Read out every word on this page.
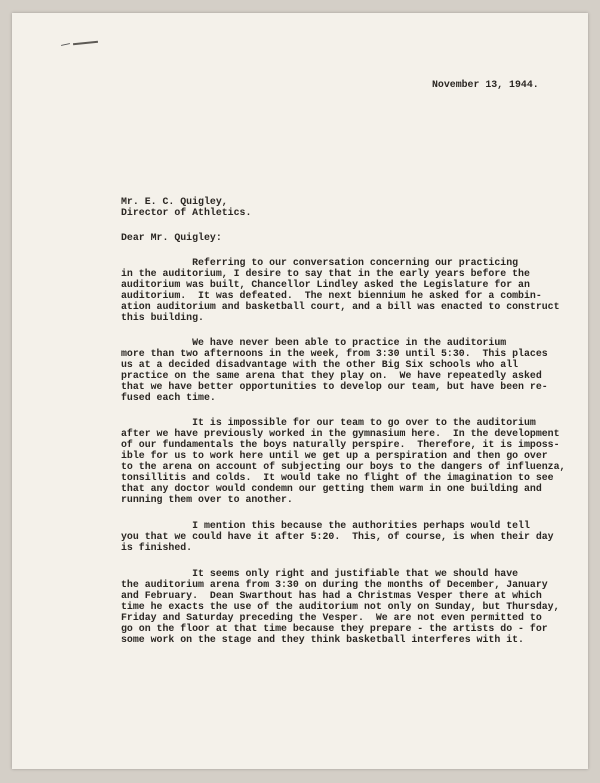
November 13, 1944.

Mr. E. C. Quigley,

Director of Athletics.

Dear Mr. Quigley:

Referring to our conversation concerning our practicing

in the auditorium, I desire to say that in the early years before the

auditorium was built, Chancellor Lindley asked the Legislature for an

auditorium.  It was defeated.  The next biennium he asked for a combin-

ation auditorium and basketball court, and a bill was enacted to construct

this building.

We have never been able to practice in the auditorium

more than two afternoons in the week, from 3:30 until 5:30.  This places

us at a decided disadvantage with the other Big Six schools who all

practice on the same arena that they play on.  We have repeatedly asked

that we have better opportunities to develop our team, but have been re-

fused each time.

It is impossible for our team to go over to the auditorium

after we have previously worked in the gymnasium here.  In the development

of our fundamentals the boys naturally perspire.  Therefore, it is imposs-

ible for us to work here until we get up a perspiration and then go over

to the arena on account of subjecting our boys to the dangers of influenza,

tonsillitis and colds.  It would take no flight of the imagination to see

that any doctor would condemn our getting them warm in one building and

running them over to another.

I mention this because the authorities perhaps would tell

you that we could have it after 5:20.  This, of course, is when their day

is finished.

It seems only right and justifiable that we should have

the auditorium arena from 3:30 on during the months of December, January

and February.  Dean Swarthout has had a Christmas Vesper there at which

time he exacts the use of the auditorium not only on Sunday, but Thursday,

Friday and Saturday preceding the Vesper.  We are not even permitted to

go on the floor at that time because they prepare - the artists do - for

some work on the stage and they think basketball interferes with it.
